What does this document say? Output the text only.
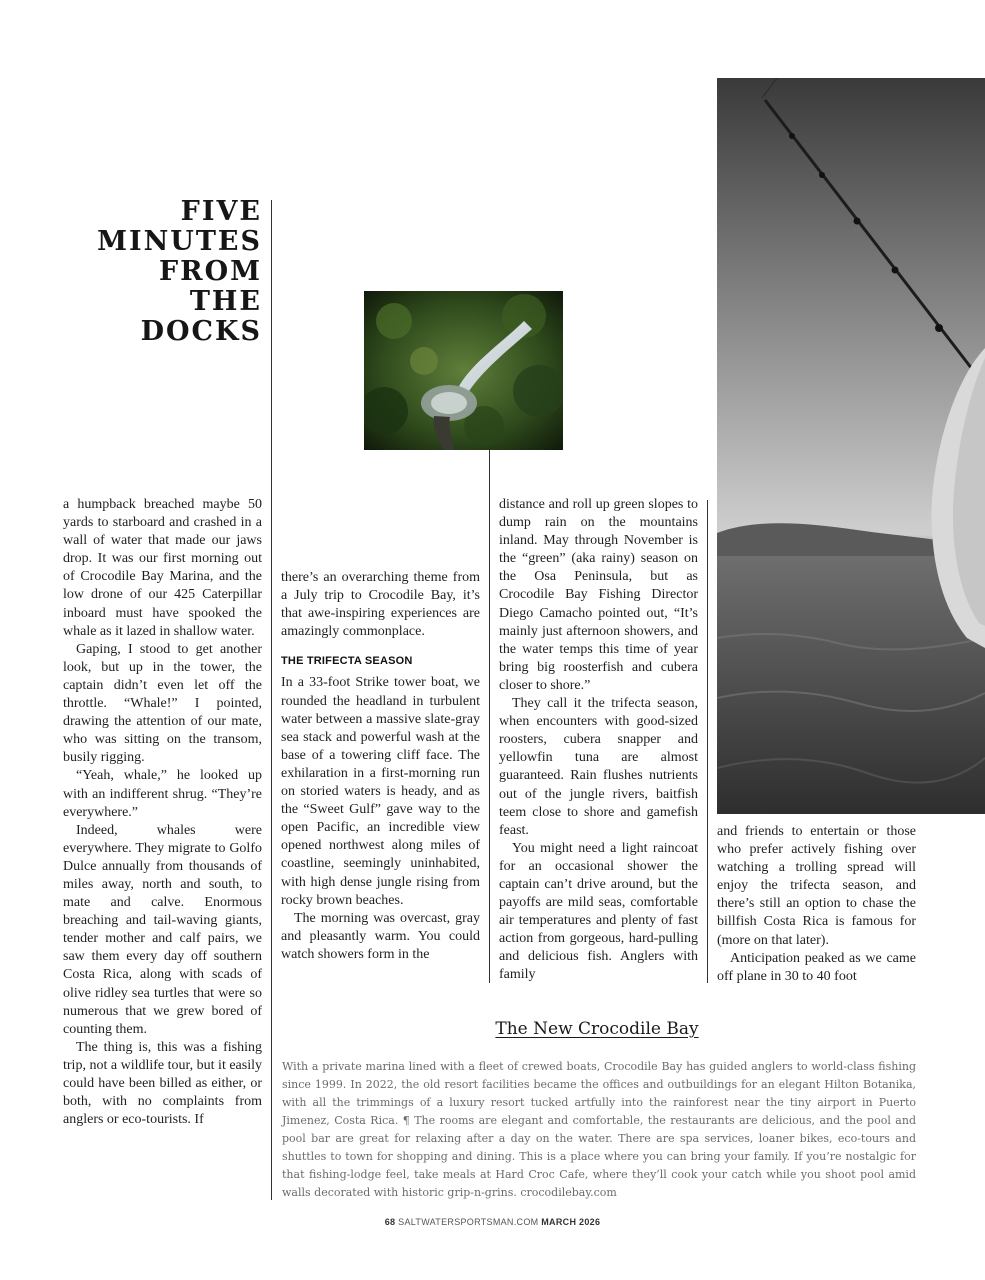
FIVE
MINUTES
FROM
THE
DOCKS

a humpback breached maybe 50 yards to starboard and crashed in a wall of water that made our jaws drop. It was our first morning out of Crocodile Bay Marina, and the low drone of our 425 Caterpillar inboard must have spooked the whale as it lazed in shallow water.

Gaping, I stood to get another look, but up in the tower, the captain didn’t even let off the throttle. “Whale!” I pointed, drawing the attention of our mate, who was sitting on the transom, busily rigging.

“Yeah, whale,” he looked up with an indifferent shrug. “They’re everywhere.”

Indeed, whales were everywhere. They migrate to Golfo Dulce annually from thousands of miles away, north and south, to mate and calve. Enormous breaching and tail-waving giants, tender mother and calf pairs, we saw them every day off southern Costa Rica, along with scads of olive ridley sea turtles that were so numerous that we grew bored of counting them.

The thing is, this was a fishing trip, not a wildlife tour, but it easily could have been billed as either, or both, with no complaints from anglers or eco-tourists. If

there’s an overarching theme from a July trip to Crocodile Bay, it’s that awe-inspiring experiences are amazingly commonplace.

THE TRIFECTA SEASON

In a 33-foot Strike tower boat, we rounded the headland in turbulent water between a massive slate-gray sea stack and powerful wash at the base of a towering cliff face. The exhilaration in a first-morning run on storied waters is heady, and as the “Sweet Gulf” gave way to the open Pacific, an incredible view opened northwest along miles of coastline, seemingly uninhabited, with high dense jungle rising from rocky brown beaches.

The morning was overcast, gray and pleasantly warm. You could watch showers form in the

distance and roll up green slopes to dump rain on the mountains inland. May through November is the “green” (aka rainy) season on the Osa Peninsula, but as Crocodile Bay Fishing Director Diego Camacho pointed out, “It’s mainly just afternoon showers, and the water temps this time of year bring big roosterfish and cubera closer to shore.”

They call it the trifecta season, when encounters with good-sized roosters, cubera snapper and yellowfin tuna are almost guaranteed. Rain flushes nutrients out of the jungle rivers, baitfish teem close to shore and gamefish feast.

You might need a light raincoat for an occasional shower the captain can’t drive around, but the payoffs are mild seas, comfortable air temperatures and plenty of fast action from gorgeous, hard-pulling and delicious fish. Anglers with family

and friends to entertain or those who prefer actively fishing over watching a trolling spread will enjoy the trifecta season, and there’s still an option to chase the billfish Costa Rica is famous for (more on that later).

Anticipation peaked as we came off plane in 30 to 40 foot

The New Crocodile Bay
With a private marina lined with a fleet of crewed boats, Crocodile Bay has guided anglers to world-class fishing since 1999. In 2022, the old resort facilities became the offices and outbuildings for an elegant Hilton Botanika, with all the trimmings of a luxury resort tucked artfully into the rainforest near the tiny airport in Puerto Jimenez, Costa Rica. ¶ The rooms are elegant and comfortable, the restaurants are delicious, and the pool and pool bar are great for relaxing after a day on the water. There are spa services, loaner bikes, eco-tours and shuttles to town for shopping and dining. This is a place where you can bring your family. If you’re nostalgic for that fishing-lodge feel, take meals at Hard Croc Cafe, where they’ll cook your catch while you shoot pool amid walls decorated with historic grip-n-grins. crocodilebay.com
68 SALTWATERSPORTSMAN.COM MARCH 2026
